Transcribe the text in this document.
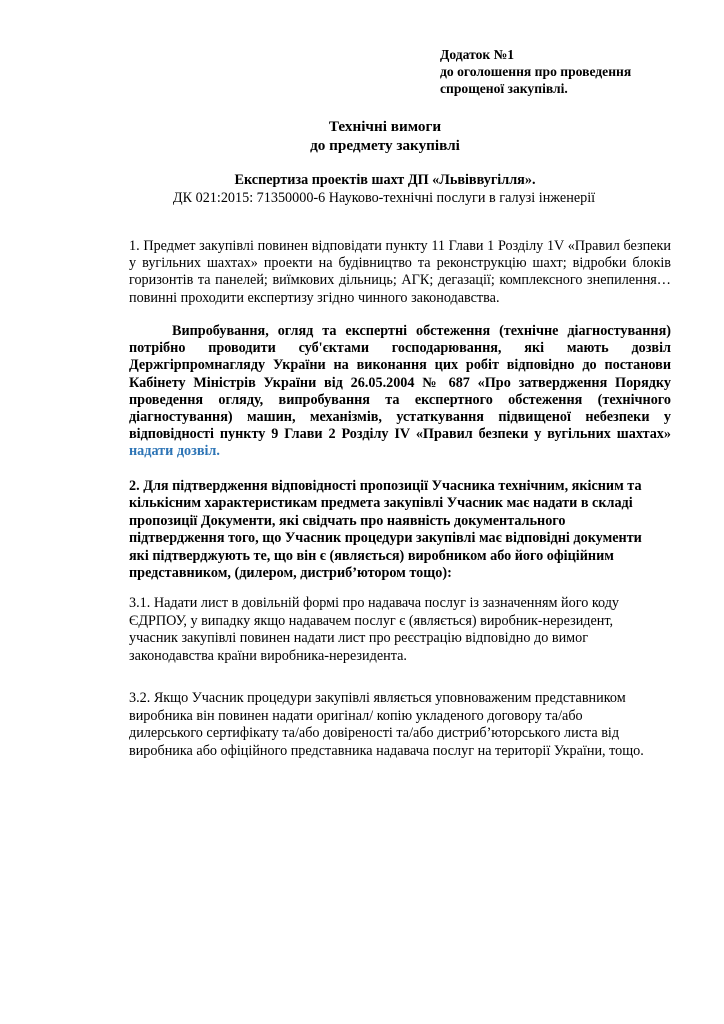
Додаток №1
до оголошення про проведення
спрощеної закупівлі.
Технічні вимоги
до предмету закупівлі
Експертиза проектів шахт ДП «Львіввугілля».
ДК 021:2015: 71350000-6 Науково-технічні послуги в галузі інженерії
1. Предмет закупівлі повинен відповідати пункту 11 Глави 1 Розділу 1V «Правил безпеки у вугільних шахтах» проекти на будівництво та реконструкцію шахт; відробки блоків горизонтів та панелей; виїмкових дільниць; АГК; дегазації; комплексного знепилення…повинні проходити експертизу згідно чинного законодавства.
Випробування, огляд та експертні обстеження (технічне діагностування) потрібно проводити суб'єктами господарювання, які мають дозвіл Держгірпромнагляду України на виконання цих робіт відповідно до постанови Кабінету Міністрів України від 26.05.2004 № 687 «Про затвердження Порядку проведення огляду, випробування та експертного обстеження (технічного діагностування) машин, механізмів, устаткування підвищеної небезпеки у відповідності пункту 9 Глави 2 Розділу ІV «Правил безпеки у вугільних шахтах» надати дозвіл.
2. Для підтвердження відповідності пропозиції Учасника технічним, якісним та
кількісним характеристикам предмета закупівлі Учасник має надати в складі
пропозиції Документи, які свідчать про наявність документального
підтвердження того, що Учасник процедури закупівлі має відповідні документи
які підтверджують те, що він є (являється) виробником або його офіційним
представником, (дилером, дистриб’ютором тощо):
3.1. Надати лист в довільній формі про надавача послуг із зазначенням його коду
ЄДРПОУ, у випадку якщо надавачем послуг є (являється) виробник-нерезидент,
учасник закупівлі повинен надати лист про реєстрацію відповідно до вимог
законодавства країни виробника-нерезидента.
3.2. Якщо Учасник процедури закупівлі являється уповноваженим представником
виробника він повинен надати оригінал/ копію укладеного договору та/або
дилерського сертифікату та/або довіреності та/або дистриб’юторського листа від
виробника або офіційного представника надавача послуг на території України, тощо.
